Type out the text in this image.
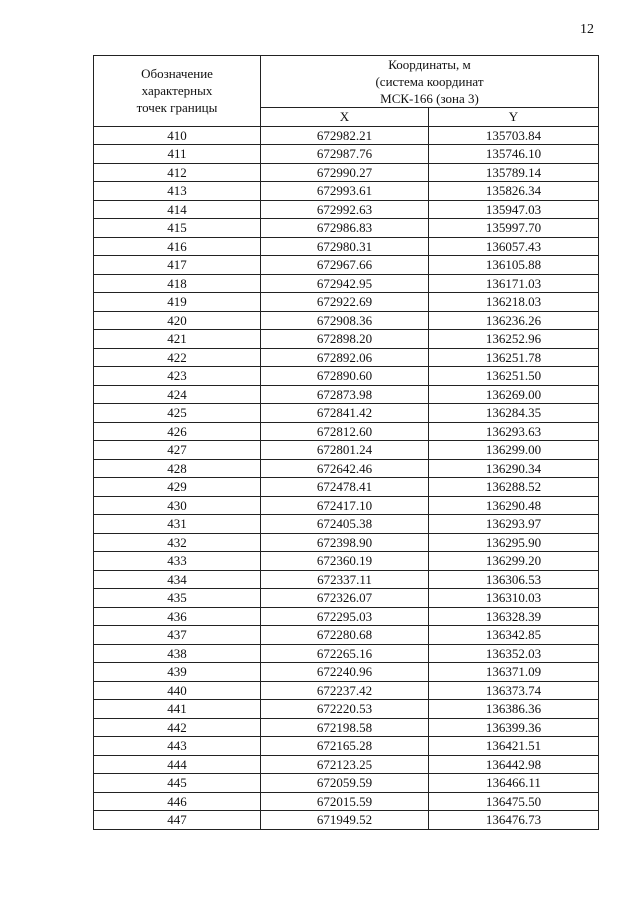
12
Обозначение
характерных
точек границы	Координаты, м
(система координат
МСК-166 (зона 3)	

	X	Y
410	672982.21	135703.84
411	672987.76	135746.10
412	672990.27	135789.14
413	672993.61	135826.34
414	672992.63	135947.03
415	672986.83	135997.70
416	672980.31	136057.43
417	672967.66	136105.88
418	672942.95	136171.03
419	672922.69	136218.03
420	672908.36	136236.26
421	672898.20	136252.96
422	672892.06	136251.78
423	672890.60	136251.50
424	672873.98	136269.00
425	672841.42	136284.35
426	672812.60	136293.63
427	672801.24	136299.00
428	672642.46	136290.34
429	672478.41	136288.52
430	672417.10	136290.48
431	672405.38	136293.97
432	672398.90	136295.90
433	672360.19	136299.20
434	672337.11	136306.53
435	672326.07	136310.03
436	672295.03	136328.39
437	672280.68	136342.85
438	672265.16	136352.03
439	672240.96	136371.09
440	672237.42	136373.74
441	672220.53	136386.36
442	672198.58	136399.36
443	672165.28	136421.51
444	672123.25	136442.98
445	672059.59	136466.11
446	672015.59	136475.50
447	671949.52	136476.73
